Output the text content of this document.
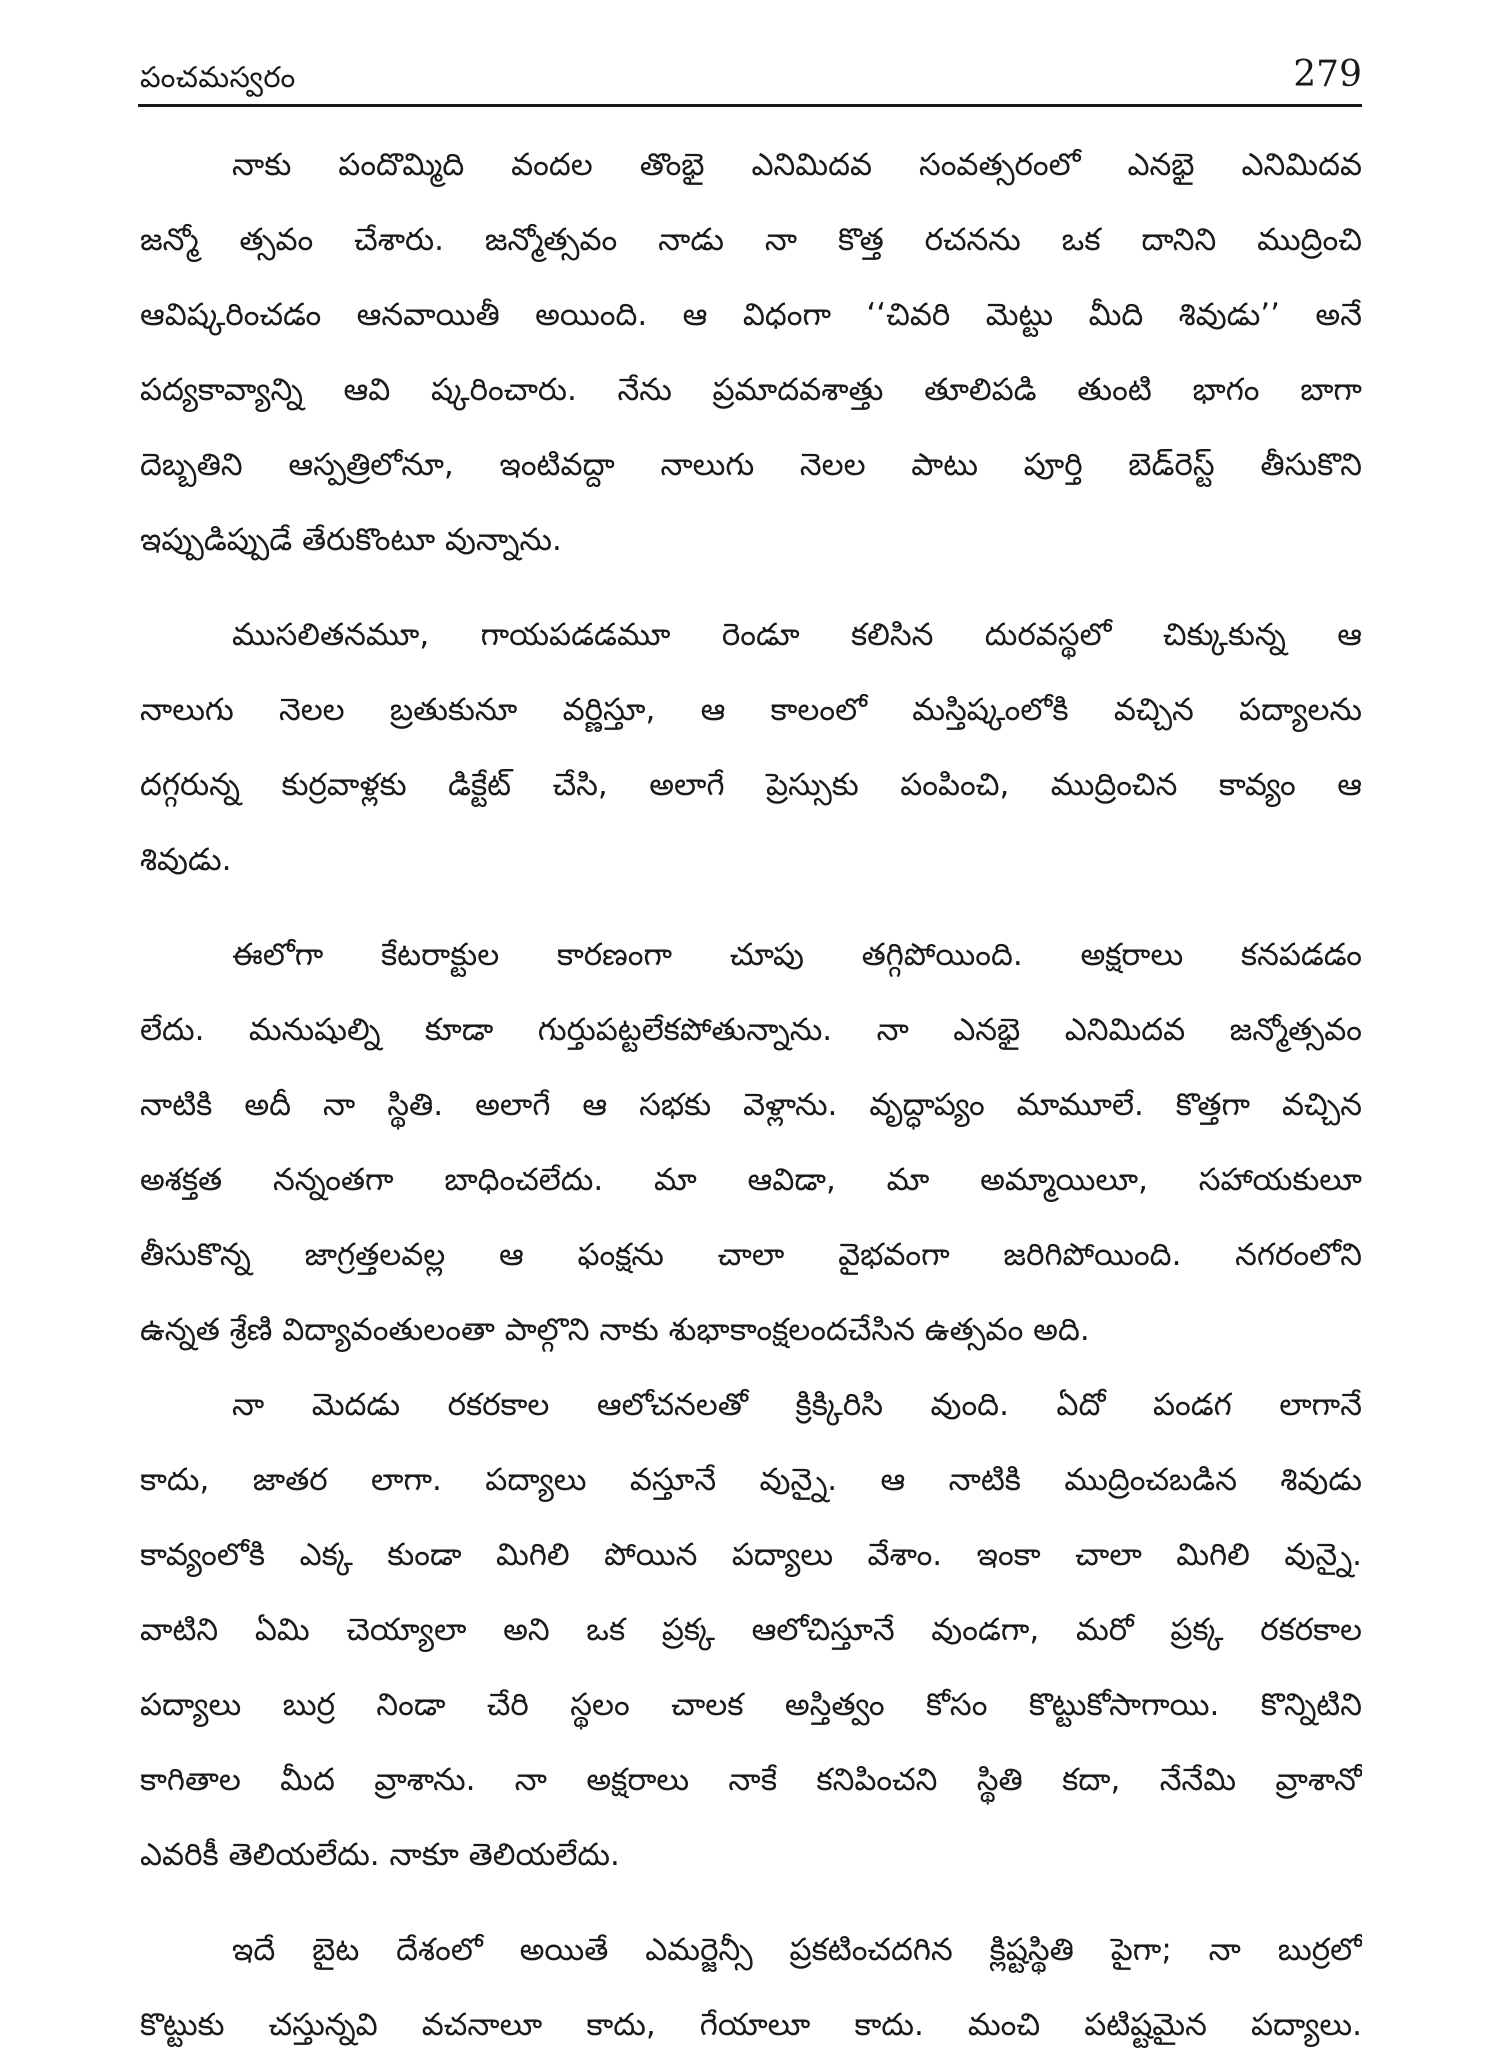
పంచమస్వరం	279
నాకు పందొమ్మిది వందల తొంభై ఎనిమిదవ సంవత్సరంలో ఎనభై ఎనిమిదవ
జన్మో త్సవం చేశారు. జన్మోత్సవం నాడు నా కొత్త రచనను ఒక దానిని ముద్రించి
ఆవిష్కరించడం ఆనవాయితీ అయింది. ఆ విధంగా ‘‘చివరి మెట్టు మీది శివుడు’’ అనే
పద్యకావ్యాన్ని ఆవి ష్కరించారు. నేను ప్రమాదవశాత్తు తూలిపడి తుంటి భాగం బాగా
దెబ్బతిని ఆస్పత్రిలోనూ, ఇంటివద్దా నాలుగు నెలల పాటు పూర్తి బెడ్‌రెస్ట్ తీసుకొని
ఇప్పుడిప్పుడే తేరుకొంటూ వున్నాను.
ముసలితనమూ, గాయపడడమూ రెండూ కలిసిన దురవస్థలో చిక్కుకున్న ఆ
నాలుగు నెలల బ్రతుకునూ వర్ణిస్తూ, ఆ కాలంలో మస్తిష్కంలోకి వచ్చిన పద్యాలను
దగ్గరున్న కుర్రవాళ్లకు డిక్టేట్ చేసి, అలాగే ప్రెస్సుకు పంపించి, ముద్రించిన కావ్యం ఆ
శివుడు.
ఈలోగా కేటరాక్టుల కారణంగా చూపు తగ్గిపోయింది. అక్షరాలు కనపడడం
లేదు. మనుషుల్ని కూడా గుర్తుపట్టలేకపోతున్నాను. నా ఎనభై ఎనిమిదవ జన్మోత్సవం
నాటికి అదీ నా స్థితి. అలాగే ఆ సభకు వెళ్లాను. వృద్ధాప్యం మామూలే. కొత్తగా వచ్చిన
అశక్తత నన్నంతగా బాధించలేదు. మా ఆవిడా, మా అమ్మాయిలూ, సహాయకులూ
తీసుకొన్న జాగ్రత్తలవల్ల ఆ ఫంక్షను చాలా వైభవంగా జరిగిపోయింది. నగరంలోని
ఉన్నత శ్రేణి విద్యావంతులంతా పాల్గొని నాకు శుభాకాంక్షలందచేసిన ఉత్సవం అది.
నా మెదడు రకరకాల ఆలోచనలతో క్రిక్కిరిసి వుంది. ఏదో పండగ లాగానే
కాదు, జాతర లాగా. పద్యాలు వస్తూనే వున్నై. ఆ నాటికి ముద్రించబడిన శివుడు
కావ్యంలోకి ఎక్క కుండా మిగిలి పోయిన పద్యాలు వేశాం. ఇంకా చాలా మిగిలి వున్నై.
వాటిని ఏమి చెయ్యాలా అని ఒక ప్రక్క ఆలోచిస్తూనే వుండగా, మరో ప్రక్క రకరకాల
పద్యాలు బుర్ర నిండా చేరి స్థలం చాలక అస్తిత్వం కోసం కొట్టుకోసాగాయి. కొన్నిటిని
కాగితాల మీద వ్రాశాను. నా అక్షరాలు నాకే కనిపించని స్థితి కదా, నేనేమి వ్రాశానో
ఎవరికీ తెలియలేదు. నాకూ తెలియలేదు.
ఇదే బైట దేశంలో అయితే ఎమర్జెన్సీ ప్రకటించదగిన క్లిష్టస్థితి పైగా; నా బుర్రలో
కొట్టుకు చస్తున్నవి వచనాలూ కాదు, గేయాలూ కాదు. మంచి పటిష్టమైన పద్యాలు.
